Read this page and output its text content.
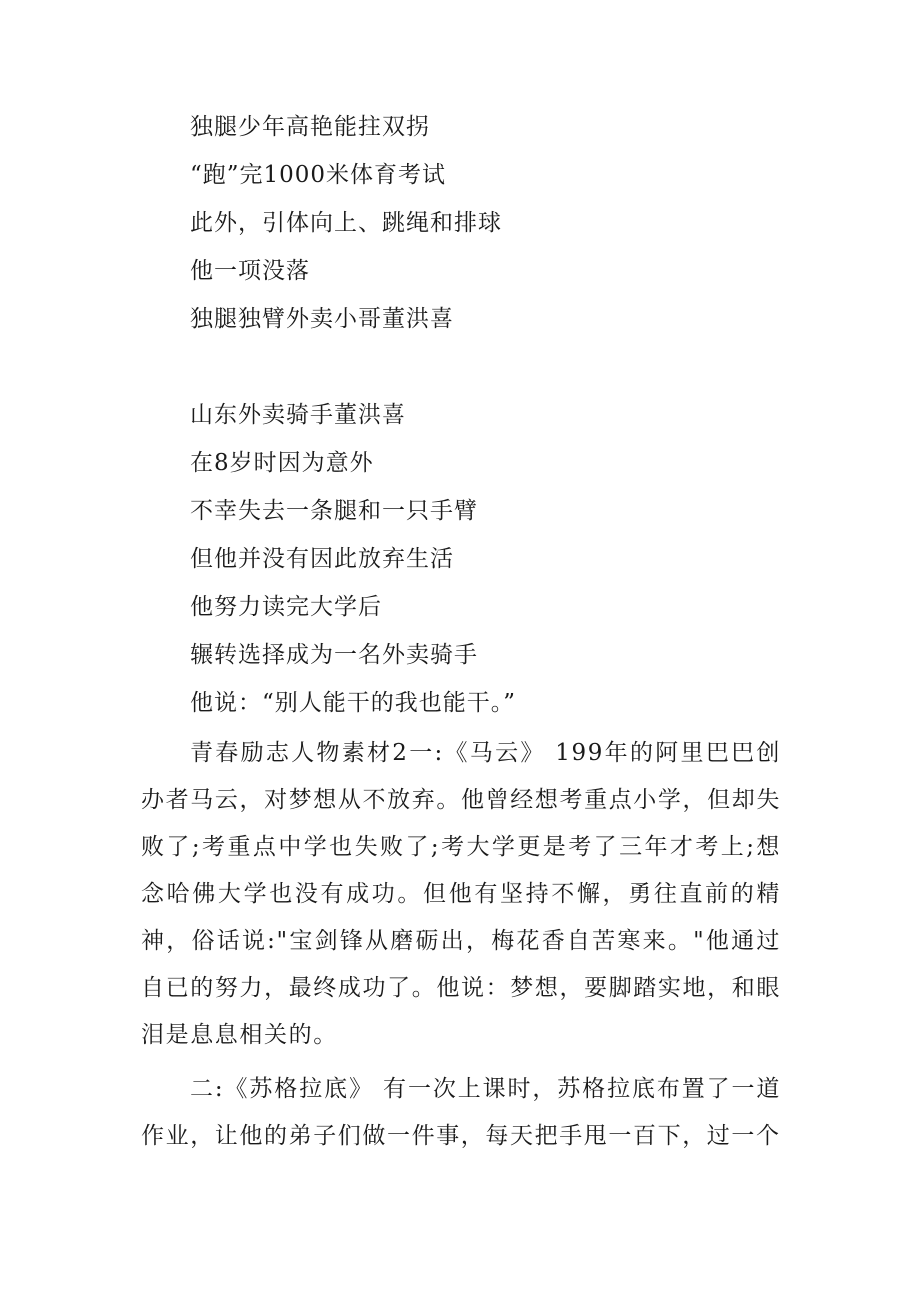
独腿少年高艳能拄双拐
“跑”完1000米体育考试
此外，引体向上、跳绳和排球
他一项没落
独腿独臂外卖小哥董洪喜
山东外卖骑手董洪喜
在8岁时因为意外
不幸失去一条腿和一只手臂
但他并没有因此放弃生活
他努力读完大学后
辗转选择成为一名外卖骑手
他说：“别人能干的我也能干。”

青春励志人物素材2一:《马云》 199年的阿里巴巴创办者马云，对梦想从不放弃。他曾经想考重点小学，但却失败了;考重点中学也失败了;考大学更是考了三年才考上;想念哈佛大学也没有成功。但他有坚持不懈，勇往直前的精神，俗话说:"宝剑锋从磨砺出，梅花香自苦寒来。"他通过自已的努力，最终成功了。他说：梦想，要脚踏实地，和眼泪是息息相关的。

二:《苏格拉底》 有一次上课时，苏格拉底布置了一道作业，让他的弟子们做一件事，每天把手甩一百下，过一个
